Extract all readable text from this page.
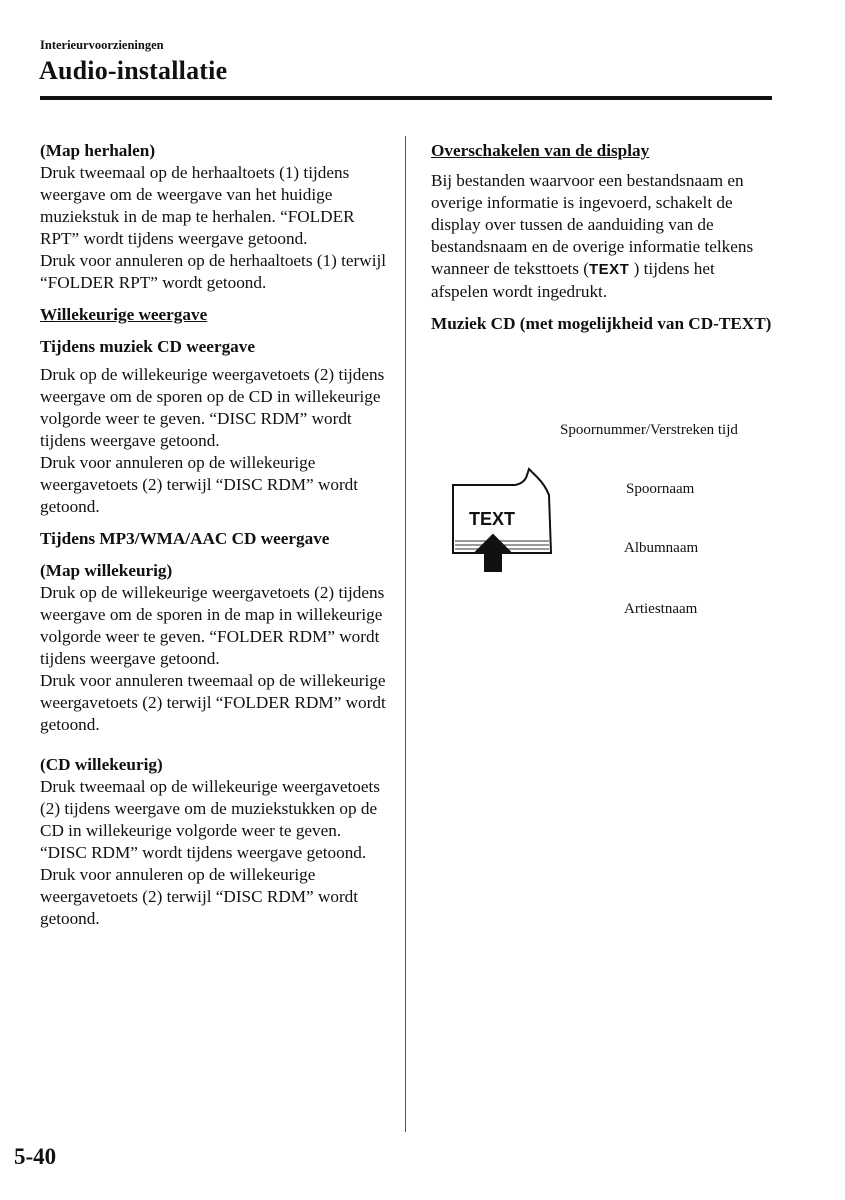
Interieurvoorzieningen
Audio-installatie

(Map herhalen)

Druk tweemaal op de herhaaltoets (1) tijdens weergave om de weergave van het huidige muziekstuk in de map te herhalen. “FOLDER RPT” wordt tijdens weergave getoond.

Druk voor annuleren op de herhaaltoets (1) terwijl “FOLDER RPT” wordt getoond.

Willekeurige weergave

Tijdens muziek CD weergave

Druk op de willekeurige weergavetoets (2) tijdens weergave om de sporen op de CD in willekeurige volgorde weer te geven. “DISC RDM” wordt tijdens weergave getoond.

Druk voor annuleren op de willekeurige weergavetoets (2) terwijl “DISC RDM” wordt getoond.

Tijdens MP3/WMA/AAC CD weergave

(Map willekeurig)

Druk op de willekeurige weergavetoets (2) tijdens weergave om de sporen in de map in willekeurige volgorde weer te geven. “FOLDER RDM” wordt tijdens weergave getoond.

Druk voor annuleren tweemaal op de willekeurige weergavetoets (2) terwijl “FOLDER RDM” wordt getoond.

(CD willekeurig)

Druk tweemaal op de willekeurige weergavetoets (2) tijdens weergave om de muziekstukken op de CD in willekeurige volgorde weer te geven. “DISC RDM” wordt tijdens weergave getoond.

Druk voor annuleren op de willekeurige weergavetoets (2) terwijl “DISC RDM” wordt getoond.

Overschakelen van de display

Bij bestanden waarvoor een bestandsnaam en overige informatie is ingevoerd, schakelt de display over tussen de aanduiding van de bestandsnaam en de overige informatie telkens wanneer de teksttoets (TEXT ) tijdens het afspelen wordt ingedrukt.

Muziek CD (met mogelijkheid van CD-TEXT)

TEXT
Spoornummer/Verstreken tijd
Spoornaam
Albumnaam
Artiestnaam
5-40
